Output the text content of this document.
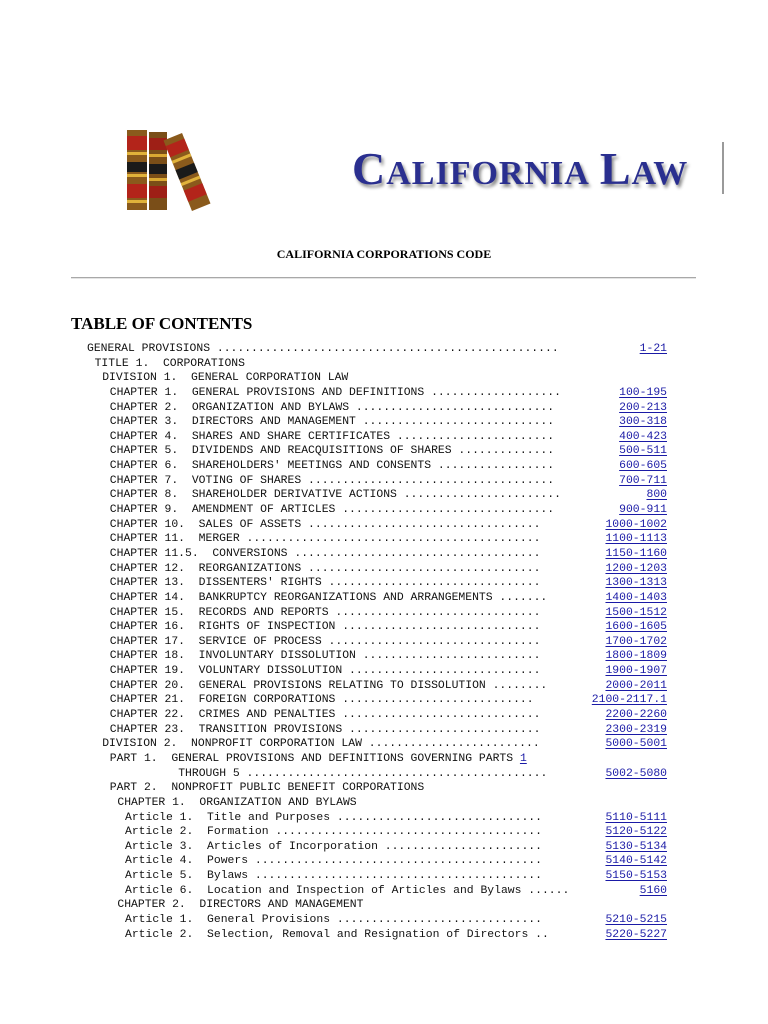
CALIFORNIA LAW
CALIFORNIA CORPORATIONS CODE
TABLE OF CONTENTS
GENERAL PROVISIONS ..................................................	1-21
TITLE 1.  CORPORATIONS
DIVISION 1.  GENERAL CORPORATION LAW
CHAPTER 1.  GENERAL PROVISIONS AND DEFINITIONS ...................	100-195
CHAPTER 2.  ORGANIZATION AND BYLAWS .............................	200-213
CHAPTER 3.  DIRECTORS AND MANAGEMENT ............................	300-318
CHAPTER 4.  SHARES AND SHARE CERTIFICATES .......................	400-423
CHAPTER 5.  DIVIDENDS AND REACQUISITIONS OF SHARES ..............	500-511
CHAPTER 6.  SHAREHOLDERS' MEETINGS AND CONSENTS .................	600-605
CHAPTER 7.  VOTING OF SHARES ....................................	700-711
CHAPTER 8.  SHAREHOLDER DERIVATIVE ACTIONS .......................	800
CHAPTER 9.  AMENDMENT OF ARTICLES ...............................	900-911
CHAPTER 10.  SALES OF ASSETS ..................................	1000-1002
CHAPTER 11.  MERGER ...........................................	1100-1113
CHAPTER 11.5.  CONVERSIONS ....................................	1150-1160
CHAPTER 12.  REORGANIZATIONS ..................................	1200-1203
CHAPTER 13.  DISSENTERS' RIGHTS ...............................	1300-1313
CHAPTER 14.  BANKRUPTCY REORGANIZATIONS AND ARRANGEMENTS .......	1400-1403
CHAPTER 15.  RECORDS AND REPORTS ..............................	1500-1512
CHAPTER 16.  RIGHTS OF INSPECTION .............................	1600-1605
CHAPTER 17.  SERVICE OF PROCESS ...............................	1700-1702
CHAPTER 18.  INVOLUNTARY DISSOLUTION ..........................	1800-1809
CHAPTER 19.  VOLUNTARY DISSOLUTION ............................	1900-1907
CHAPTER 20.  GENERAL PROVISIONS RELATING TO DISSOLUTION ........	2000-2011
CHAPTER 21.  FOREIGN CORPORATIONS ............................	2100-2117.1
CHAPTER 22.  CRIMES AND PENALTIES .............................	2200-2260
CHAPTER 23.  TRANSITION PROVISIONS ............................	2300-2319
DIVISION 2.  NONPROFIT CORPORATION LAW .........................	5000-5001
PART 1.  GENERAL PROVISIONS AND DEFINITIONS GOVERNING PARTS 1
THROUGH 5 ............................................	5002-5080
PART 2.  NONPROFIT PUBLIC BENEFIT CORPORATIONS
CHAPTER 1.  ORGANIZATION AND BYLAWS
Article 1.  Title and Purposes ..............................	5110-5111
Article 2.  Formation .......................................	5120-5122
Article 3.  Articles of Incorporation .......................	5130-5134
Article 4.  Powers ..........................................	5140-5142
Article 5.  Bylaws ..........................................	5150-5153
Article 6.  Location and Inspection of Articles and Bylaws ......	5160
CHAPTER 2.  DIRECTORS AND MANAGEMENT
Article 1.  General Provisions ..............................	5210-5215
Article 2.  Selection, Removal and Resignation of Directors ..	5220-5227
